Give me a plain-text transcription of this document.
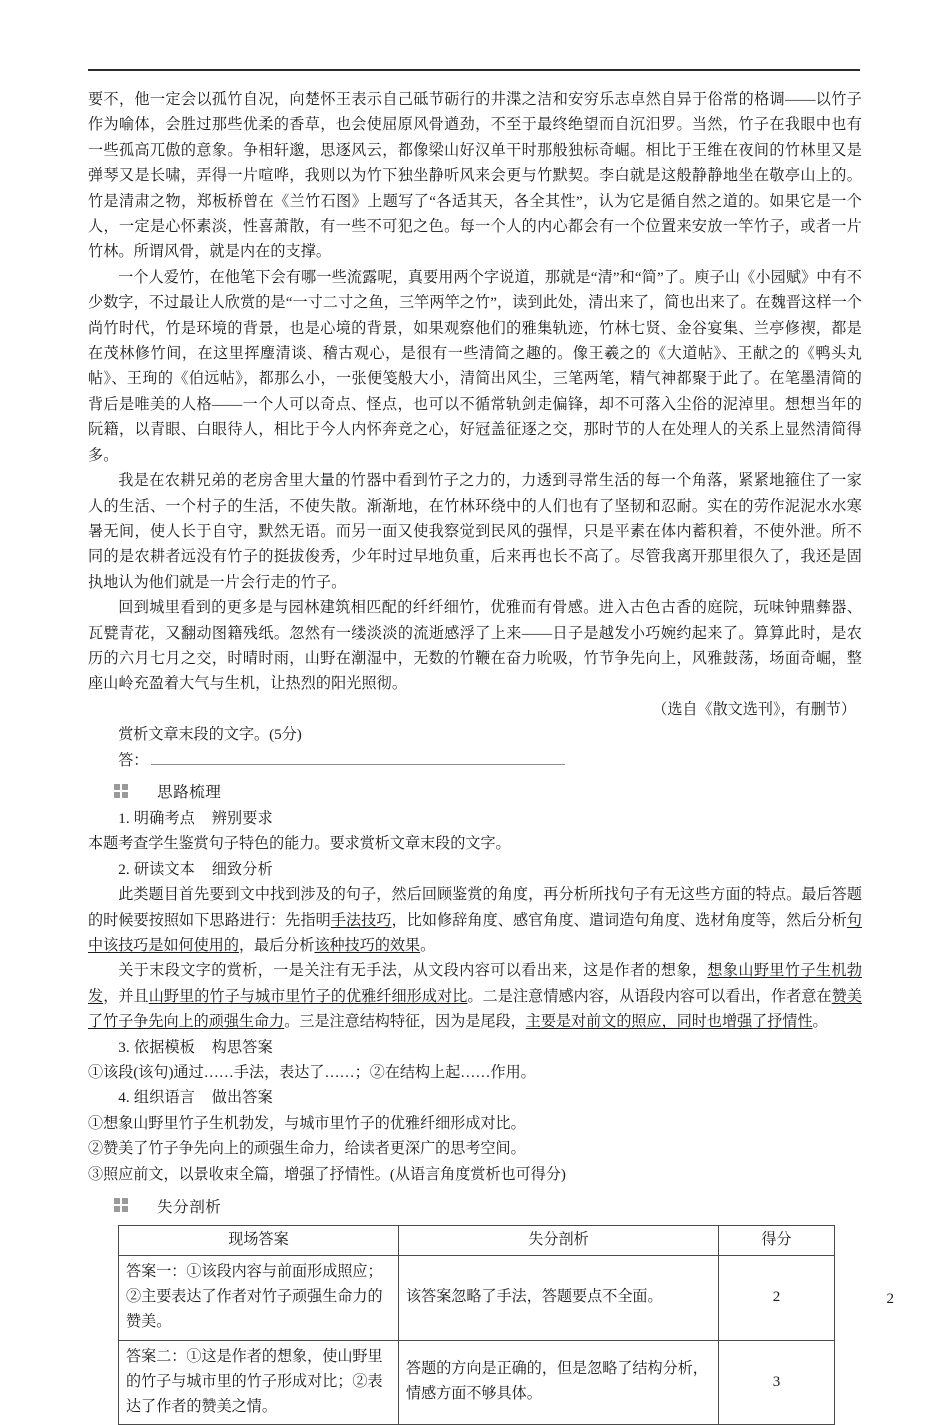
要不，他一定会以孤竹自况，向楚怀王表示自己砥节砺行的井渫之洁和安穷乐志卓然自异于俗常的格调——以竹子作为喻体，会胜过那些优柔的香草，也会使屈原风骨遒劲，不至于最终绝望而自沉汨罗。当然，竹子在我眼中也有一些孤高兀傲的意象。争相轩邈，思逐风云，都像梁山好汉单干时那般独标奇崛。相比于王维在夜间的竹林里又是弹琴又是长啸，弄得一片喧哗，我则以为竹下独坐静听风来会更与竹默契。李白就是这般静静地坐在敬亭山上的。竹是清肃之物，郑板桥曾在《兰竹石图》上题写了“各适其天，各全其性”，认为它是循自然之道的。如果它是一个人，一定是心怀素淡，性喜萧散，有一些不可犯之色。每一个人的内心都会有一个位置来安放一竿竹子，或者一片竹林。所谓风骨，就是内在的支撑。

一个人爱竹，在他笔下会有哪一些流露呢，真要用两个字说道，那就是“清”和“简”了。庾子山《小园赋》中有不少数字，不过最让人欣赏的是“一寸二寸之鱼，三竿两竿之竹”，读到此处，清出来了，简也出来了。在魏晋这样一个尚竹时代，竹是环境的背景，也是心境的背景，如果观察他们的雅集轨迹，竹林七贤、金谷宴集、兰亭修禊，都是在茂林修竹间，在这里挥麈清谈、稽古观心，是很有一些清简之趣的。像王羲之的《大道帖》、王献之的《鸭头丸帖》、王珣的《伯远帖》，都那么小，一张便笺般大小，清简出风尘，三笔两笔，精气神都聚于此了。在笔墨清简的背后是唯美的人格——一个人可以奇点、怪点，也可以不循常轨剑走偏锋，却不可落入尘俗的泥淖里。想想当年的阮籍，以青眼、白眼待人，相比于今人内怀奔竞之心，好冠盖征逐之交，那时节的人在处理人的关系上显然清简得多。

我是在农耕兄弟的老房舍里大量的竹器中看到竹子之力的，力透到寻常生活的每一个角落，紧紧地箍住了一家人的生活、一个村子的生活，不使失散。渐渐地，在竹林环绕中的人们也有了坚韧和忍耐。实在的劳作泥泥水水寒暑无间，使人长于自守，默然无语。而另一面又使我察觉到民风的强悍，只是平素在体内蓄积着，不使外泄。所不同的是农耕者远没有竹子的挺拔俊秀，少年时过早地负重，后来再也长不高了。尽管我离开那里很久了，我还是固执地认为他们就是一片会行走的竹子。

回到城里看到的更多是与园林建筑相匹配的纤纤细竹，优雅而有骨感。进入古色古香的庭院，玩味钟鼎彝器、瓦甓青花，又翻动图籍残纸。忽然有一缕淡淡的流逝感浮了上来——日子是越发小巧婉约起来了。算算此时，是农历的六月七月之交，时晴时雨，山野在潮湿中，无数的竹鞭在奋力吮吸，竹节争先向上，风雅鼓荡，场面奇崛，整座山岭充盈着大气与生机，让热烈的阳光照彻。

（选自《散文选刊》，有删节）

赏析文章末段的文字。(5分)

答：

思路梳理

1. 明确考点 辨别要求

本题考查学生鉴赏句子特色的能力。要求赏析文章末段的文字。

2. 研读文本 细致分析

此类题目首先要到文中找到涉及的句子，然后回顾鉴赏的角度，再分析所找句子有无这些方面的特点。最后答题的时候要按照如下思路进行：先指明手法技巧，比如修辞角度、感官角度、遣词造句角度、选材角度等，然后分析句中该技巧是如何使用的，最后分析该种技巧的效果。

关于末段文字的赏析，一是关注有无手法，从文段内容可以看出来，这是作者的想象，想象山野里竹子生机勃发，并且山野里的竹子与城市里竹子的优雅纤细形成对比。二是注意情感内容，从语段内容可以看出，作者意在赞美了竹子争先向上的顽强生命力。三是注意结构特征，因为是尾段，主要是对前文的照应，同时也增强了抒情性。

3. 依据模板 构思答案

①该段(该句)通过……手法，表达了……；②在结构上起……作用。

4. 组织语言 做出答案

①想象山野里竹子生机勃发，与城市里竹子的优雅纤细形成对比。

②赞美了竹子争先向上的顽强生命力，给读者更深广的思考空间。

③照应前文，以景收束全篇，增强了抒情性。(从语言角度赏析也可得分)

失分剖析
现场答案	失分剖析	得分
答案一：①该段内容与前面形成照应；②主要表达了作者对竹子顽强生命力的赞美。	该答案忽略了手法，答题要点不全面。	2
答案二：①这是作者的想象，使山野里的竹子与城市里的竹子形成对比；②表达了作者的赞美之情。	答题的方向是正确的，但是忽略了结构分析，情感方面不够具体。	3
2
